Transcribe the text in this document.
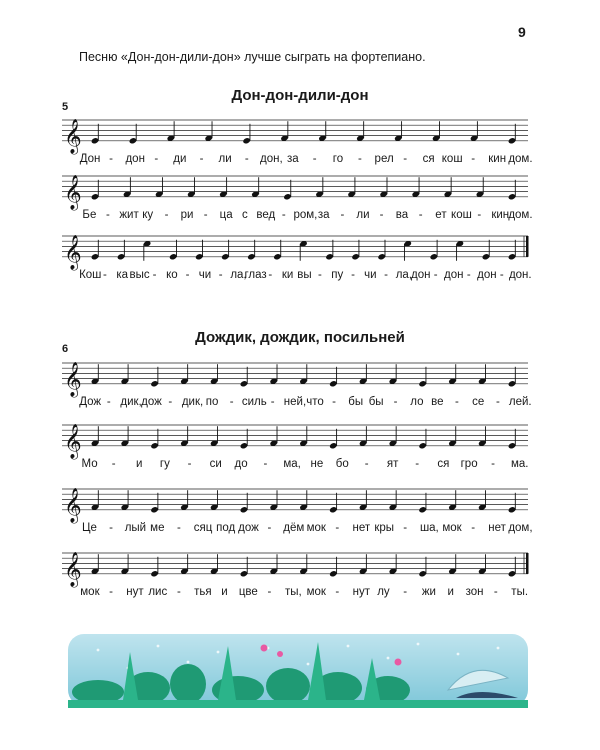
9
Песню «Дон-дон-дили-дон» лучше сыграть на фортепиано.
5
Дон-дон-дили-дон
6
Дождик, дождик, посильней
𝄞
𝄞
𝄞
𝄞
𝄞
𝄞
𝄞
Дон - дон - ди - ли - дон, за - го - рел - ся кош - кин дом.
Бе - жит ку - ри - ца с вед - ром, за - ли - ва - ет кош - кин дом.
Кош - ка выс - ко - чи - ла,
глаз - ки вы - пу - чи - ла,
дон - дон - дон - дон.
Дож - дик, дож - дик, по - силь - ней, что - бы бы - ло ве - се - лей.
Мо - и гу - си до - ма, не бо - ят - ся гро - ма.
Це - лый ме - сяц под дож - дём мок - нет кры - ша, мок - нет дом,
мок - нут лис - тья и цве - ты, мок - нут лу - жи и зон - ты.
